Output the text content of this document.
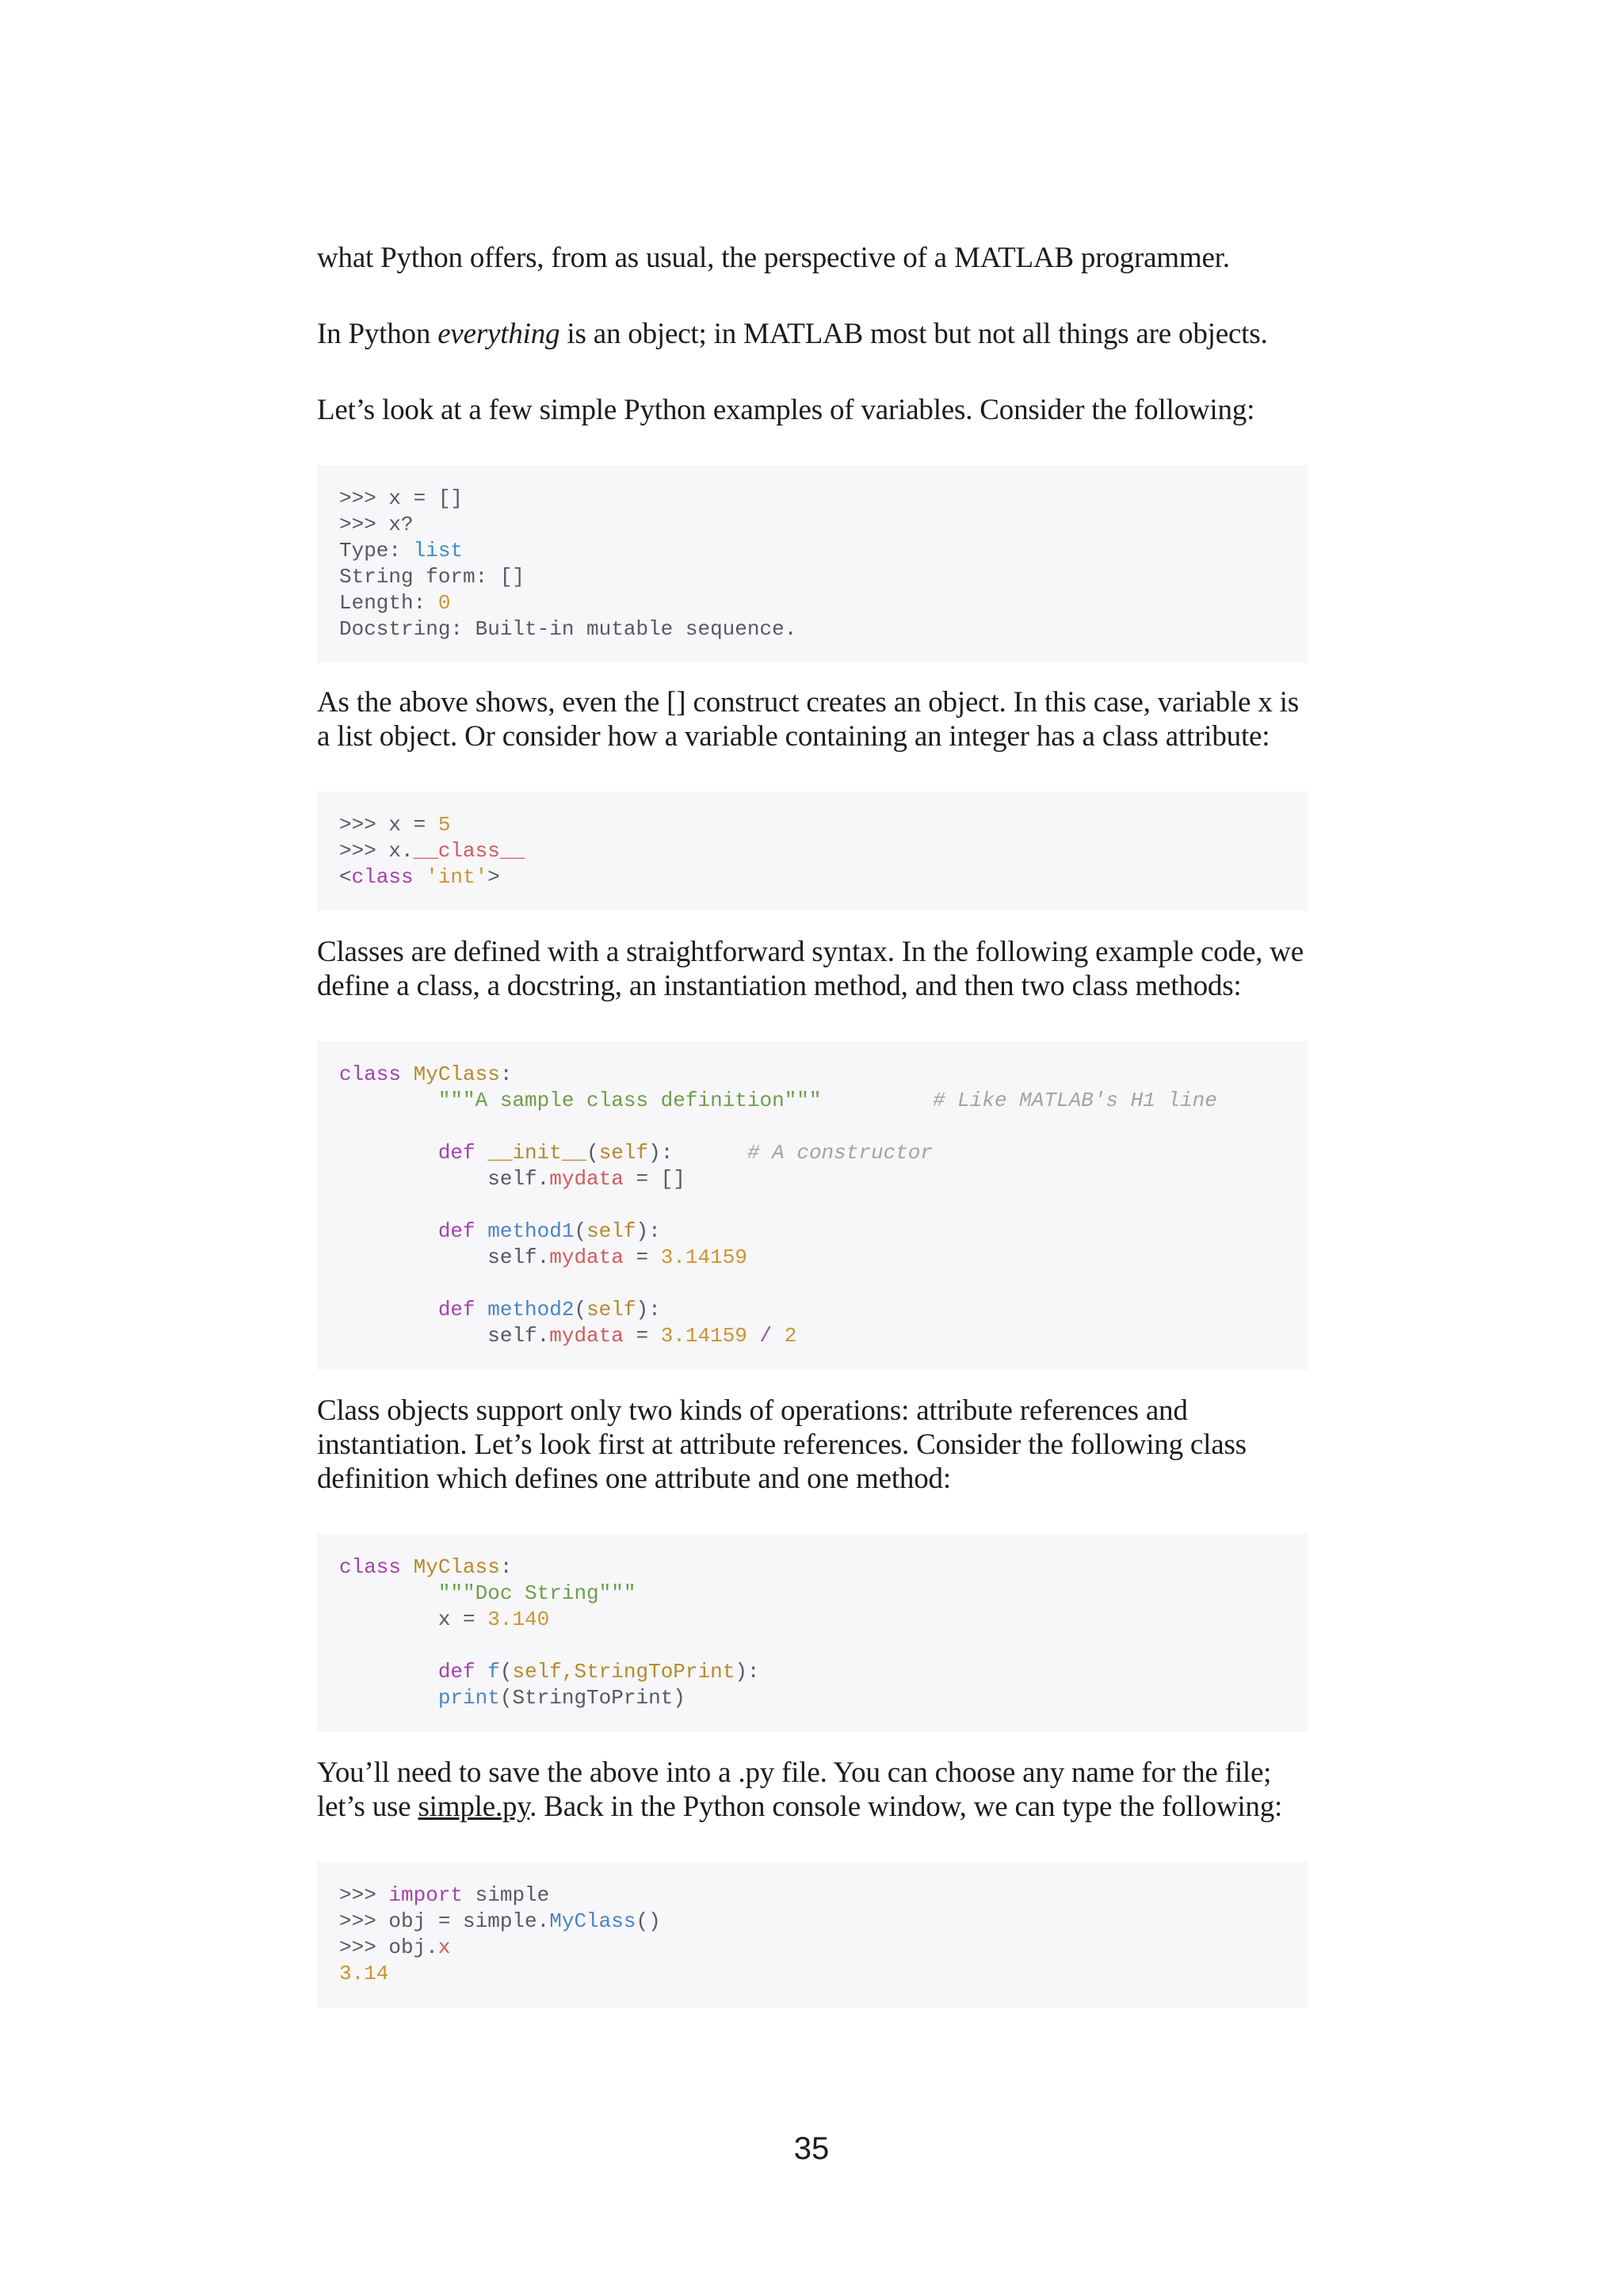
what Python offers, from as usual, the perspective of a MATLAB programmer.

In Python everything is an object; in MATLAB most but not all things are objects.

Let’s look at a few simple Python examples of variables. Consider the following:

>>> x = []
>>> x?
Type: list
String form: []
Length: 0
Docstring: Built-in mutable sequence.

As the above shows, even the [] construct creates an object. In this case, variable x is
a list object. Or consider how a variable containing an integer has a class attribute:

>>> x = 5
>>> x.__class__
<class 'int'>

Classes are defined with a straightforward syntax. In the following example code, we
define a class, a docstring, an instantiation method, and then two class methods:

class MyClass:
"""A sample class definition"""	# Like MATLAB's H1 line
def __init__(self):      # A constructor
self.mydata = []
def method1(self):
self.mydata = 3.14159
def method2(self):
self.mydata = 3.14159 / 2

Class objects support only two kinds of operations: attribute references and
instantiation. Let’s look first at attribute references. Consider the following class
definition which defines one attribute and one method:

class MyClass:
"""Doc String"""
x = 3.140
def f(self,StringToPrint):
print(StringToPrint)

You’ll need to save the above into a .py file. You can choose any name for the file;
let’s use simple.py. Back in the Python console window, we can type the following:

>>> import simple
>>> obj = simple.MyClass()
>>> obj.x
3.14
35
